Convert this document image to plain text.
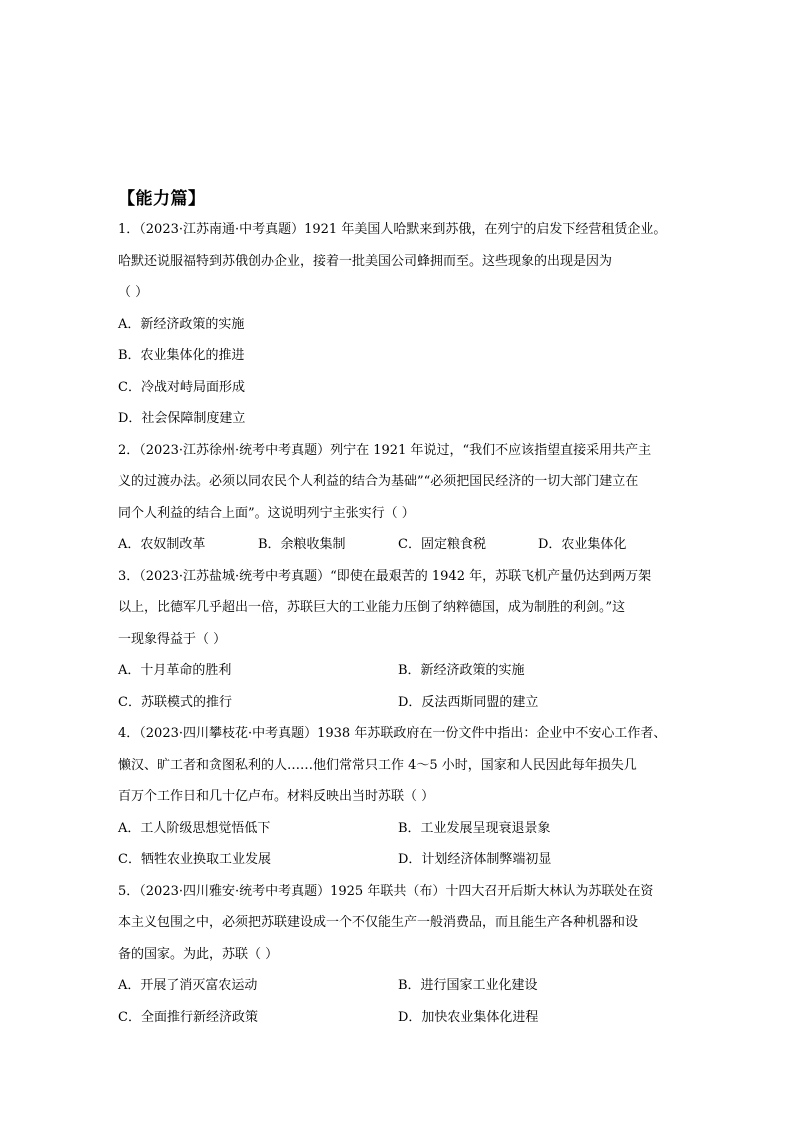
【能力篇】

1．（2023·江苏南通·中考真题）1921 年美国人哈默来到苏俄，在列宁的启发下经营租赁企业。

哈默还说服福特到苏俄创办企业，接着一批美国公司蜂拥而至。这些现象的出现是因为

（ ）

A．新经济政策的实施
B．农业集体化的推进
C．冷战对峙局面形成
D．社会保障制度建立

2．（2023·江苏徐州·统考中考真题）列宁在 1921 年说过，“我们不应该指望直接采用共产主

义的过渡办法。必须以同农民个人利益的结合为基础”“必须把国民经济的一切大部门建立在

同个人利益的结合上面”。这说明列宁主张实行（ ）

A．农奴制改革	B．余粮收集制	C．固定粮食税	D．农业集体化

3．（2023·江苏盐城·统考中考真题）“即使在最艰苦的 1942 年，苏联飞机产量仍达到两万架

以上，比德军几乎超出一倍，苏联巨大的工业能力压倒了纳粹德国，成为制胜的利剑。”这

一现象得益于（ ）

A．十月革命的胜利	B．新经济政策的实施
C．苏联模式的推行	D．反法西斯同盟的建立

4．（2023·四川攀枝花·中考真题）1938 年苏联政府在一份文件中指出：企业中不安心工作者、

懒汉、旷工者和贪图私利的人……他们常常只工作 4～5 小时，国家和人民因此每年损失几

百万个工作日和几十亿卢布。材料反映出当时苏联（ ）

A．工人阶级思想觉悟低下	B．工业发展呈现衰退景象
C．牺牲农业换取工业发展	D．计划经济体制弊端初显

5．（2023·四川雅安·统考中考真题）1925 年联共（布）十四大召开后斯大林认为苏联处在资

本主义包围之中，必须把苏联建设成一个不仅能生产一般消费品，而且能生产各种机器和设

备的国家。为此，苏联（ ）

A．开展了消灭富农运动	B．进行国家工业化建设
C．全面推行新经济政策	D．加快农业集体化进程
